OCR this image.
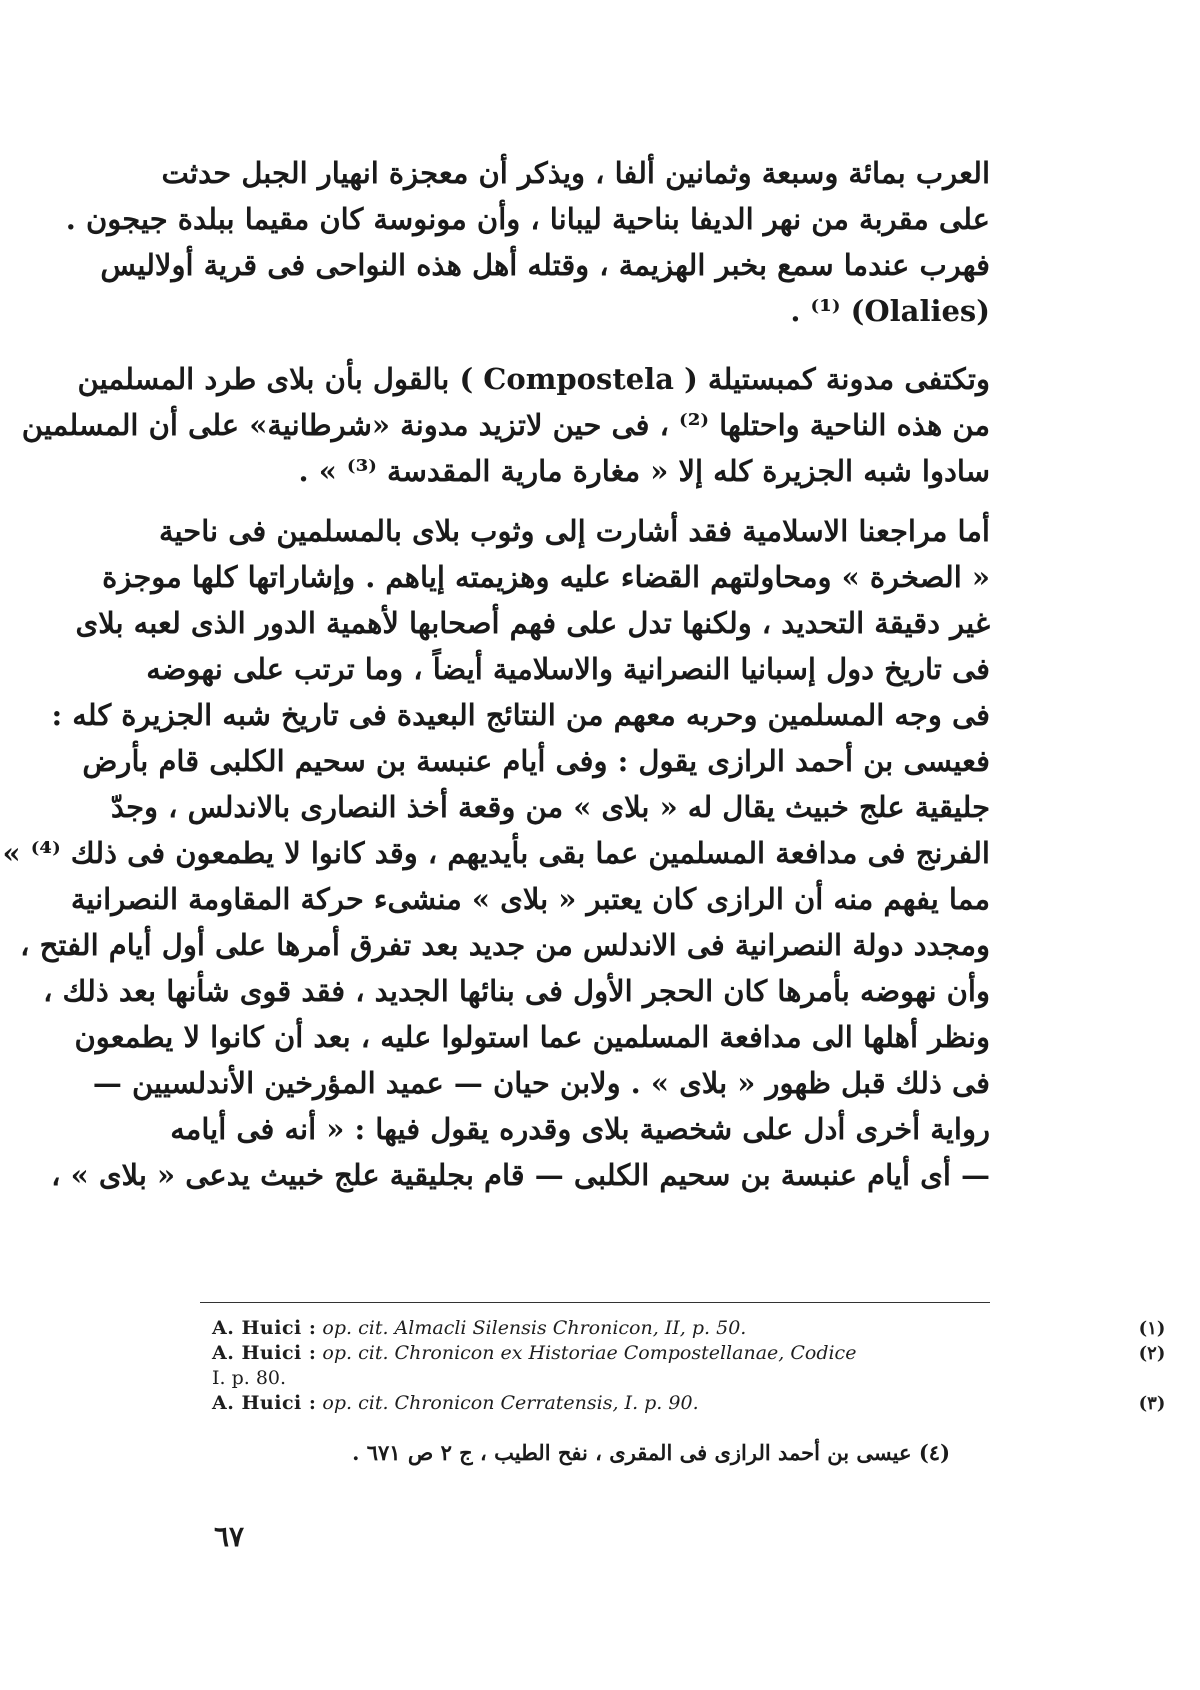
العرب بمائة وسبعة وثمانين ألفا ، ويذكر أن معجزة انهيار الجبل حدثت
على مقربة من نهر الديفا بناحية ليبانا ، وأن مونوسة كان مقيما ببلدة جيجون .
فهرب عندما سمع بخبر الهزيمة ، وقتله أهل هذه النواحى فى قرية أولاليس
(Olalies) ⁽¹⁾ .
وتكتفى مدونة كمبستيلة ( Compostela ) بالقول بأن بلاى طرد المسلمين
من هذه الناحية واحتلها ⁽²⁾ ، فى حين لاتزيد مدونة «شرطانية» على أن المسلمين
سادوا شبه الجزيرة كله إلا « مغارة مارية المقدسة ⁽³⁾ » .
أما مراجعنا الاسلامية فقد أشارت إلى وثوب بلاى بالمسلمين فى ناحية
« الصخرة » ومحاولتهم القضاء عليه وهزيمته إياهم . وإشاراتها كلها موجزة
غير دقيقة التحديد ، ولكنها تدل على فهم أصحابها لأهمية الدور الذى لعبه بلاى
فى تاريخ دول إسبانيا النصرانية والاسلامية أيضاً ، وما ترتب على نهوضه
فى وجه المسلمين وحربه معهم من النتائج البعيدة فى تاريخ شبه الجزيرة كله :
فعيسى بن أحمد الرازى يقول : وفى أيام عنبسة بن سحيم الكلبى قام بأرض
جليقية علج خبيث يقال له « بلاى » من وقعة أخذ النصارى بالاندلس ، وجدّ
الفرنج فى مدافعة المسلمين عما بقى بأيديهم ، وقد كانوا لا يطمعون فى ذلك ⁽⁴⁾ »
مما يفهم منه أن الرازى كان يعتبر « بلاى » منشىء حركة المقاومة النصرانية
ومجدد دولة النصرانية فى الاندلس من جديد بعد تفرق أمرها على أول أيام الفتح ،
وأن نهوضه بأمرها كان الحجر الأول فى بنائها الجديد ، فقد قوى شأنها بعد ذلك ،
ونظر أهلها الى مدافعة المسلمين عما استولوا عليه ، بعد أن كانوا لا يطمعون
فى ذلك قبل ظهور « بلاى » . ولابن حيان — عميد المؤرخين الأندلسيين —
رواية أخرى أدل على شخصية بلاى وقدره يقول فيها : « أنه فى أيامه
— أى أيام عنبسة بن سحيم الكلبى — قام بجليقية علج خبيث يدعى « بلاى » ،
A. Huici : op. cit. Almacli Silensis Chronicon, II, p. 50.
A. Huici : op. cit. Chronicon ex Historiae Compostellanae, Codice
I. p. 80.
A. Huici : op. cit. Chronicon Cerratensis, I. p. 90.
(١)
(٢)
(٣)
(٤) عيسى بن أحمد الرازى فى المقرى ، نفح الطيب ، ج ٢ ص ٦٧١ .
٦٧
